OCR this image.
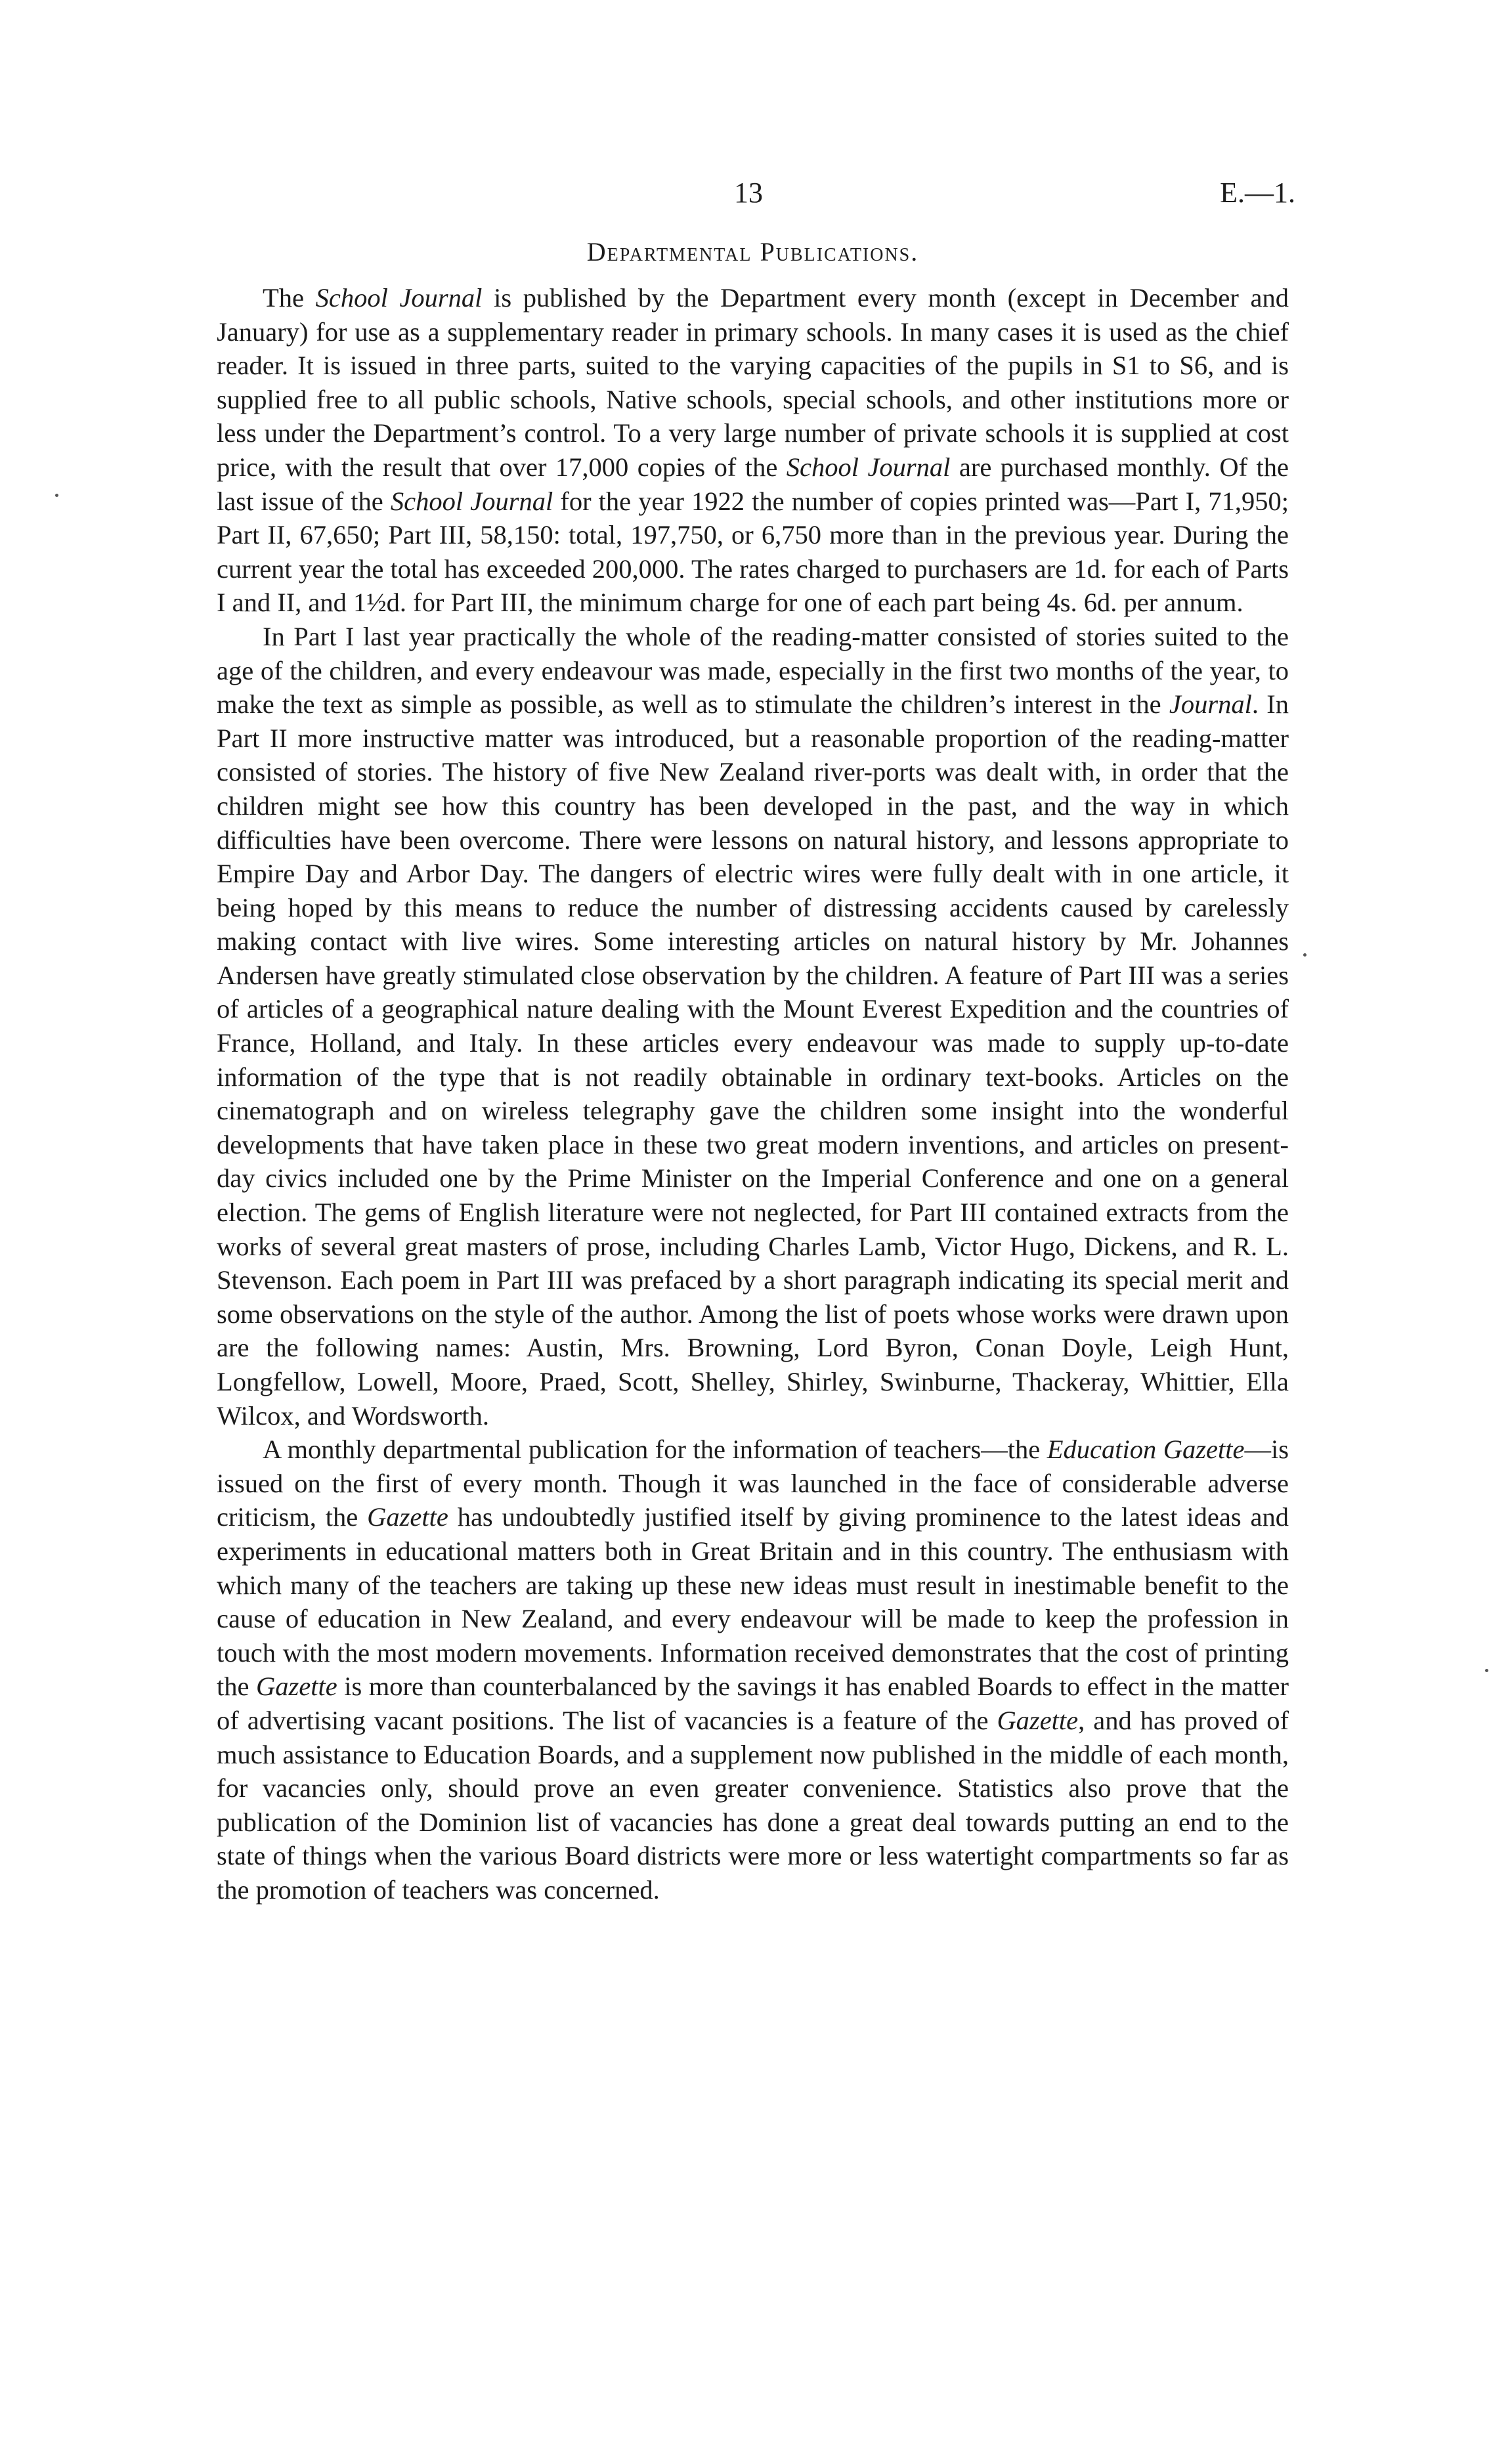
13	E.—1.
Departmental Publications.

The School Journal is published by the Department every month (except in December and January) for use as a supplementary reader in primary schools. In many cases it is used as the chief reader. It is issued in three parts, suited to the varying capacities of the pupils in S1 to S6, and is supplied free to all public schools, Native schools, special schools, and other institutions more or less under the Department’s control. To a very large number of private schools it is supplied at cost price, with the result that over 17,000 copies of the School Journal are purchased monthly. Of the last issue of the School Journal for the year 1922 the number of copies printed was—Part I, 71,950; Part II, 67,650; Part III, 58,150: total, 197,750, or 6,750 more than in the previous year. During the current year the total has exceeded 200,000. The rates charged to purchasers are 1d. for each of Parts I and II, and 1½d. for Part III, the minimum charge for one of each part being 4s. 6d. per annum.

In Part I last year practically the whole of the reading-matter consisted of stories suited to the age of the children, and every endeavour was made, especially in the first two months of the year, to make the text as simple as possible, as well as to stimulate the children’s interest in the Journal. In Part II more instructive matter was introduced, but a reasonable proportion of the reading-matter consisted of stories. The history of five New Zealand river-ports was dealt with, in order that the children might see how this country has been developed in the past, and the way in which difficulties have been overcome. There were lessons on natural history, and lessons appropriate to Empire Day and Arbor Day. The dangers of electric wires were fully dealt with in one article, it being hoped by this means to reduce the number of distressing accidents caused by carelessly making contact with live wires. Some interesting articles on natural history by Mr. Johannes Andersen have greatly stimulated close observation by the children. A feature of Part III was a series of articles of a geographical nature dealing with the Mount Everest Expedition and the countries of France, Holland, and Italy. In these articles every endeavour was made to supply up-to-date information of the type that is not readily obtainable in ordinary text-books. Articles on the cinematograph and on wireless telegraphy gave the children some insight into the wonderful developments that have taken place in these two great modern inventions, and articles on present-day civics included one by the Prime Minister on the Imperial Conference and one on a general election. The gems of English literature were not neglected, for Part III contained extracts from the works of several great masters of prose, including Charles Lamb, Victor Hugo, Dickens, and R. L. Stevenson. Each poem in Part III was prefaced by a short paragraph indicating its special merit and some observations on the style of the author. Among the list of poets whose works were drawn upon are the following names: Austin, Mrs. Browning, Lord Byron, Conan Doyle, Leigh Hunt, Longfellow, Lowell, Moore, Praed, Scott, Shelley, Shirley, Swinburne, Thackeray, Whittier, Ella Wilcox, and Wordsworth.

A monthly departmental publication for the information of teachers—the Education Gazette—is issued on the first of every month. Though it was launched in the face of considerable adverse criticism, the Gazette has undoubtedly justified itself by giving prominence to the latest ideas and experiments in educational matters both in Great Britain and in this country. The enthusiasm with which many of the teachers are taking up these new ideas must result in inestimable benefit to the cause of education in New Zealand, and every endeavour will be made to keep the profession in touch with the most modern movements. Information received demonstrates that the cost of printing the Gazette is more than counterbalanced by the savings it has enabled Boards to effect in the matter of advertising vacant positions. The list of vacancies is a feature of the Gazette, and has proved of much assistance to Education Boards, and a supplement now published in the middle of each month, for vacancies only, should prove an even greater convenience. Statistics also prove that the publication of the Dominion list of vacancies has done a great deal towards putting an end to the state of things when the various Board districts were more or less watertight compartments so far as the promotion of teachers was concerned.
